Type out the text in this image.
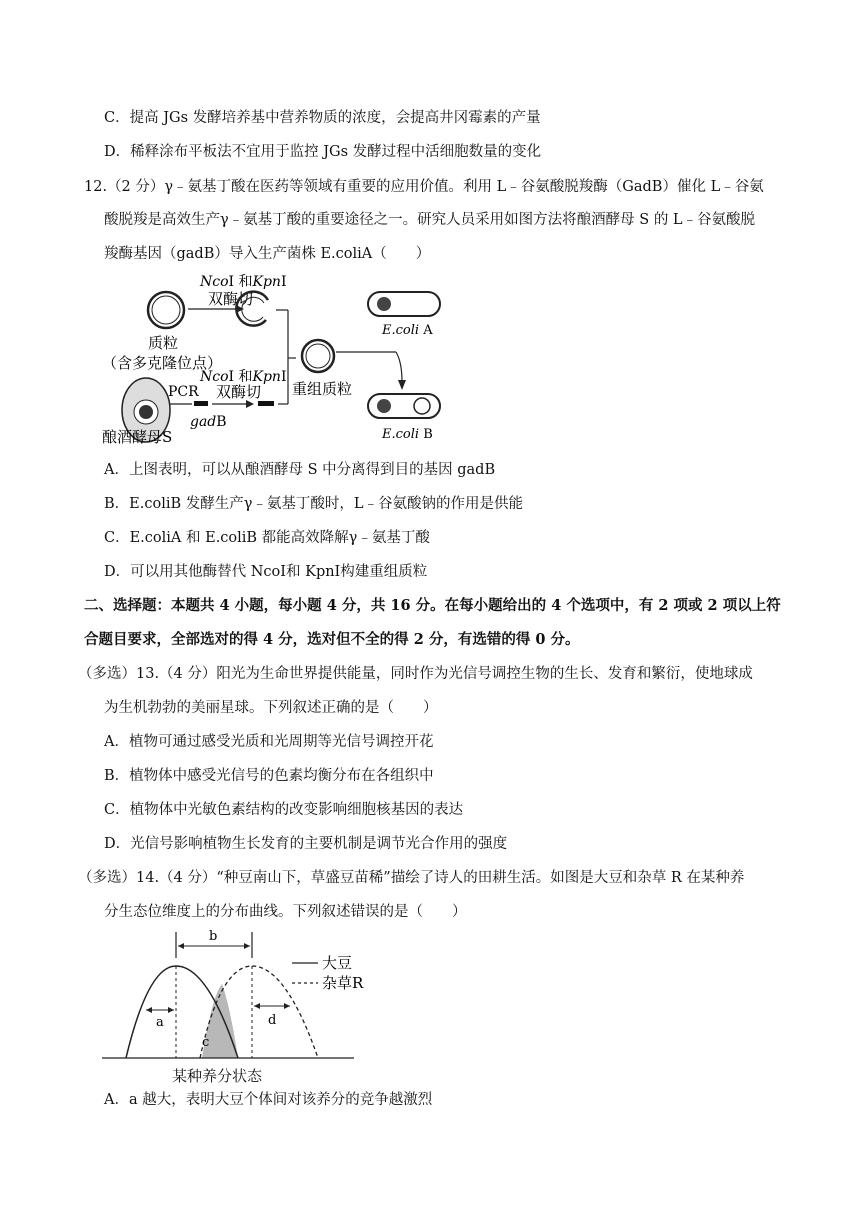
C．提高 JGs 发酵培养基中营养物质的浓度，会提高井冈霉素的产量
D．稀释涂布平板法不宜用于监控 JGs 发酵过程中活细胞数量的变化
12.（2 分）γ﹣氨基丁酸在医药等领域有重要的应用价值。利用 L﹣谷氨酸脱羧酶（GadB）催化 L﹣谷氨
酸脱羧是高效生产γ﹣氨基丁酸的重要途径之一。研究人员采用如图方法将酿酒酵母 S 的 L﹣谷氨酸脱
羧酶基因（gadB）导入生产菌株 E.coliA（　　）
NcoI 和KpnI
双酶切
质粒
（含多克隆位点）
酿酒酵母S
PCR
gadB
NcoI 和KpnI
双酶切 重组质粒
E.coli A
E.coli B
A．上图表明，可以从酿酒酵母 S 中分离得到目的基因 gadB
B．E.coliB 发酵生产γ﹣氨基丁酸时，L﹣谷氨酸钠的作用是供能
C．E.coliA 和 E.coliB 都能高效降解γ﹣氨基丁酸
D．可以用其他酶替代 NcoⅠ和 KpnⅠ构建重组质粒
二、选择题：本题共 4 小题，每小题 4 分，共 16 分。在每小题给出的 4 个选项中，有 2 项或 2 项以上符
合题目要求，全部选对的得 4 分，选对但不全的得 2 分，有选错的得 0 分。
（多选）13.（4 分）阳光为生命世界提供能量，同时作为光信号调控生物的生长、发育和繁衍，使地球成
为生机勃勃的美丽星球。下列叙述正确的是（　　）
A．植物可通过感受光质和光周期等光信号调控开花
B．植物体中感受光信号的色素均衡分布在各组织中
C．植物体中光敏色素结构的改变影响细胞核基因的表达
D．光信号影响植物生长发育的主要机制是调节光合作用的强度
（多选）14.（4 分）“种豆南山下，草盛豆苗稀”描绘了诗人的田耕生活。如图是大豆和杂草 R 在某种养
分生态位维度上的分布曲线。下列叙述错误的是（　　）
b
a
c
d
大豆
杂草R
某种养分状态
A．a 越大，表明大豆个体间对该养分的竞争越激烈
